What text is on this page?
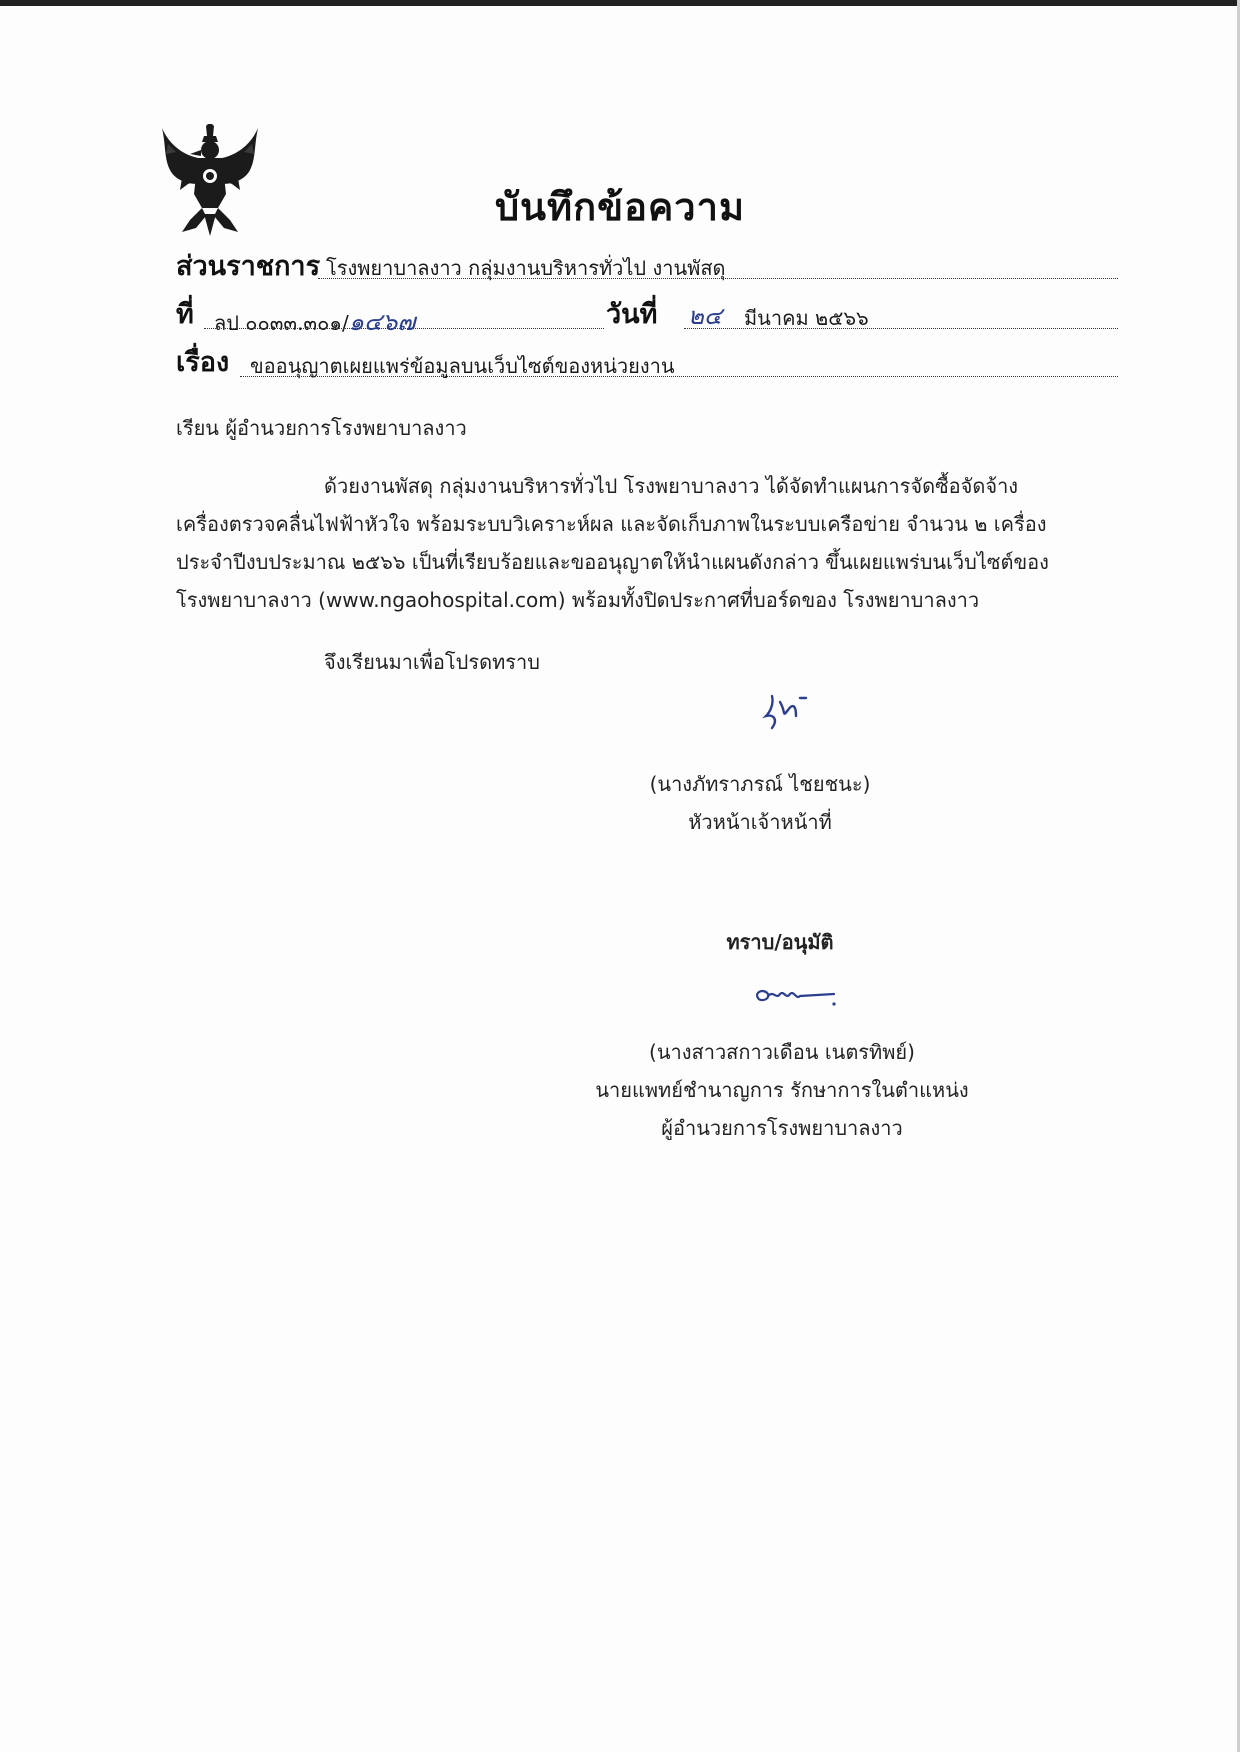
บันทึกข้อความ
ส่วนราชการ โรงพยาบาลงาว กลุ่มงานบริหารทั่วไป งานพัสดุ
ที่ ลป ๐๐๓๓.๓๐๑/๑๔๖๗	วันที่ ๒๔ มีนาคม ๒๕๖๖
เรื่อง ขออนุญาตเผยแพร่ข้อมูลบนเว็บไซต์ของหน่วยงาน
เรียน ผู้อำนวยการโรงพยาบาลงาว
ด้วยงานพัสดุ กลุ่มงานบริหารทั่วไป โรงพยาบาลงาว ได้จัดทำแผนการจัดซื้อจัดจ้าง
เครื่องตรวจคลื่นไฟฟ้าหัวใจ พร้อมระบบวิเคราะห์ผล และจัดเก็บภาพในระบบเครือข่าย จำนวน ๒ เครื่อง
ประจำปีงบประมาณ ๒๕๖๖ เป็นที่เรียบร้อยและขออนุญาตให้นำแผนดังกล่าว ขึ้นเผยแพร่บนเว็บไซต์ของ
โรงพยาบาลงาว (www.ngaohospital.com) พร้อมทั้งปิดประกาศที่บอร์ดของ โรงพยาบาลงาว
จึงเรียนมาเพื่อโปรดทราบ
(นางภัทราภรณ์ ไชยชนะ)
หัวหน้าเจ้าหน้าที่
ทราบ/อนุมัติ
(นางสาวสกาวเดือน เนตรทิพย์)
นายแพทย์ชำนาญการ รักษาการในตำแหน่ง
ผู้อำนวยการโรงพยาบาลงาว
